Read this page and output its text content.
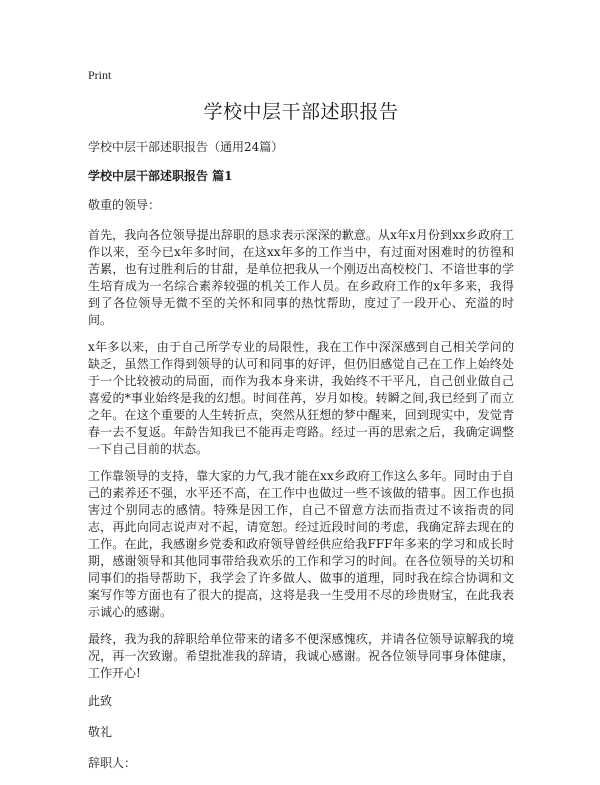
Print
学校中层干部述职报告

学校中层干部述职报告（通用24篇）

学校中层干部述职报告 篇1

敬重的领导：

首先，我向各位领导提出辞职的恳求表示深深的歉意。从x年x月份到xx乡政府工作以来，至今已x年多时间，在这xx年多的工作当中，有过面对困难时的彷徨和苦累，也有过胜利后的甘甜，是单位把我从一个刚迈出高校校门、不谙世事的学生培育成为一名综合素养较强的机关工作人员。在乡政府工作的x年多来，我得到了各位领导无微不至的关怀和同事的热忱帮助，度过了一段开心、充溢的时间。

x年多以来，由于自己所学专业的局限性，我在工作中深深感到自己相关学问的缺乏，虽然工作得到领导的认可和同事的好评，但仍旧感觉自己在工作上始终处于一个比较被动的局面，而作为我本身来讲，我始终不干平凡，自己创业做自己喜爱的*事业始终是我的幻想。时间荏苒，岁月如梭。转瞬之间,我已经到了而立之年。在这个重要的人生转折点，突然从狂想的梦中醒来，回到现实中，发觉青春一去不复返。年龄告知我已不能再走弯路。经过一再的思索之后，我确定调整一下自己目前的状态。

工作靠领导的支持，靠大家的力气,我才能在xx乡政府工作这么多年。同时由于自己的素养还不强，水平还不高，在工作中也做过一些不该做的错事。因工作也损害过个别同志的感情。特殊是因工作，自己不留意方法而指责过不该指责的同志，再此向同志说声对不起，请宽恕。经过近段时间的考虑，我确定辞去现在的工作。在此，我感谢乡党委和政府领导曾经供应给我FFF年多来的学习和成长时期，感谢领导和其他同事带给我欢乐的工作和学习的时间。在各位领导的关切和同事们的指导帮助下，我学会了许多做人、做事的道理，同时我在综合协调和文案写作等方面也有了很大的提高，这将是我一生受用不尽的珍贵财宝，在此我表示诚心的感谢。

最终，我为我的辞职给单位带来的诸多不便深感愧疚，并请各位领导谅解我的境况，再一次致谢。希望批准我的辞请，我诚心感谢。祝各位领导同事身体健康，工作开心!

此致

敬礼

辞职人：
